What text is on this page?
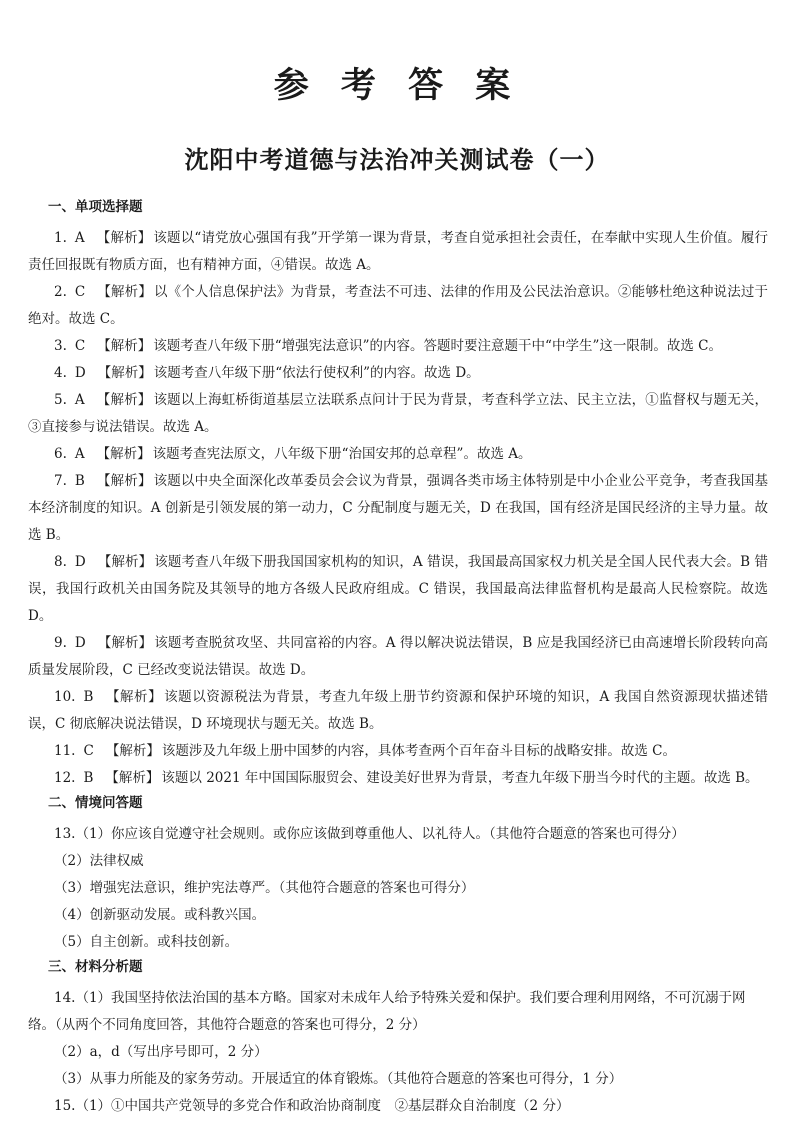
参 考 答 案
沈阳中考道德与法治冲关测试卷（一）
一、单项选择题
1. A 【解析】 该题以“请党放心强国有我”开学第一课为背景，考查自觉承担社会责任，在奉献中实现人生价值。履行责任回报既有物质方面，也有精神方面，④错误。故选 A。
2. C 【解析】 以《个人信息保护法》为背景，考查法不可违、法律的作用及公民法治意识。②能够杜绝这种说法过于绝对。故选 C。
3. C 【解析】 该题考查八年级下册“增强宪法意识”的内容。答题时要注意题干中“中学生”这一限制。故选 C。
4. D 【解析】 该题考查八年级下册“依法行使权利”的内容。故选 D。
5. A 【解析】 该题以上海虹桥街道基层立法联系点问计于民为背景，考查科学立法、民主立法，①监督权与题无关，③直接参与说法错误。故选 A。
6. A 【解析】 该题考查宪法原文，八年级下册“治国安邦的总章程”。故选 A。
7. B 【解析】 该题以中央全面深化改革委员会会议为背景，强调各类市场主体特别是中小企业公平竞争，考查我国基本经济制度的知识。A 创新是引领发展的第一动力，C 分配制度与题无关，D 在我国，国有经济是国民经济的主导力量。故选 B。
8. D 【解析】 该题考查八年级下册我国国家机构的知识，A 错误，我国最高国家权力机关是全国人民代表大会。B 错误，我国行政机关由国务院及其领导的地方各级人民政府组成。C 错误，我国最高法律监督机构是最高人民检察院。故选 D。
9. D 【解析】 该题考查脱贫攻坚、共同富裕的内容。A 得以解决说法错误，B 应是我国经济已由高速增长阶段转向高质量发展阶段，C 已经改变说法错误。故选 D。
10. B 【解析】 该题以资源税法为背景，考查九年级上册节约资源和保护环境的知识，A 我国自然资源现状描述错误，C 彻底解决说法错误，D 环境现状与题无关。故选 B。
11. C 【解析】 该题涉及九年级上册中国梦的内容，具体考查两个百年奋斗目标的战略安排。故选 C。
12. B 【解析】 该题以 2021 年中国国际服贸会、建设美好世界为背景，考查九年级下册当今时代的主题。故选 B。
二、情境问答题
13.（1）你应该自觉遵守社会规则。或你应该做到尊重他人、以礼待人。（其他符合题意的答案也可得分）
（2）法律权威
（3）增强宪法意识，维护宪法尊严。（其他符合题意的答案也可得分）
（4）创新驱动发展。或科教兴国。
（5）自主创新。或科技创新。
三、材料分析题
14.（1）我国坚持依法治国的基本方略。国家对未成年人给予特殊关爱和保护。我们要合理利用网络，不可沉溺于网络。（从两个不同角度回答，其他符合题意的答案也可得分，2 分）
（2）a，d（写出序号即可，2 分）
（3）从事力所能及的家务劳动。开展适宜的体育锻炼。（其他符合题意的答案也可得分，1 分）
15.（1）①中国共产党领导的多党合作和政治协商制度　②基层群众自治制度（2 分）
